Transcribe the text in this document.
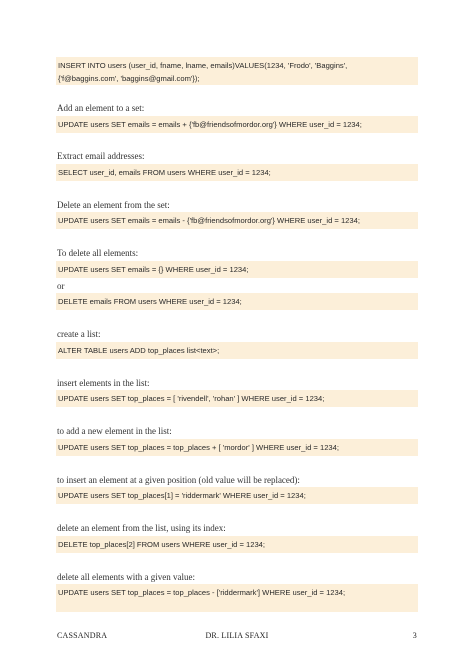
INSERT INTO users (user_id, fname, lname, emails)VALUES(1234, 'Frodo', 'Baggins',
{'f@baggins.com', 'baggins@gmail.com'});
Add an element to a set:
UPDATE users SET emails = emails + {'fb@friendsofmordor.org'} WHERE user_id = 1234;
Extract email addresses:
SELECT user_id, emails FROM users WHERE user_id = 1234;
Delete an element from the set:
UPDATE users SET emails = emails - {'fb@friendsofmordor.org'} WHERE user_id = 1234;
To delete all elements:
UPDATE users SET emails = {} WHERE user_id = 1234;
or
DELETE emails FROM users WHERE user_id = 1234;
create a list:
ALTER TABLE users ADD top_places list<text>;
insert elements in the list:
UPDATE users SET top_places = [ 'rivendell', 'rohan' ] WHERE user_id = 1234;
to add a new element in the list:
UPDATE users SET top_places = top_places + [ 'mordor' ] WHERE user_id = 1234;
to insert an element at a given position (old value will be replaced):
UPDATE users SET top_places[1] = 'riddermark' WHERE user_id = 1234;
delete an element from the list, using its index:
DELETE top_places[2] FROM users WHERE user_id = 1234;
delete all elements with a given value:
UPDATE users SET top_places = top_places - ['riddermark'] WHERE user_id = 1234;
CASSANDRA	DR. LILIA SFAXI	3
